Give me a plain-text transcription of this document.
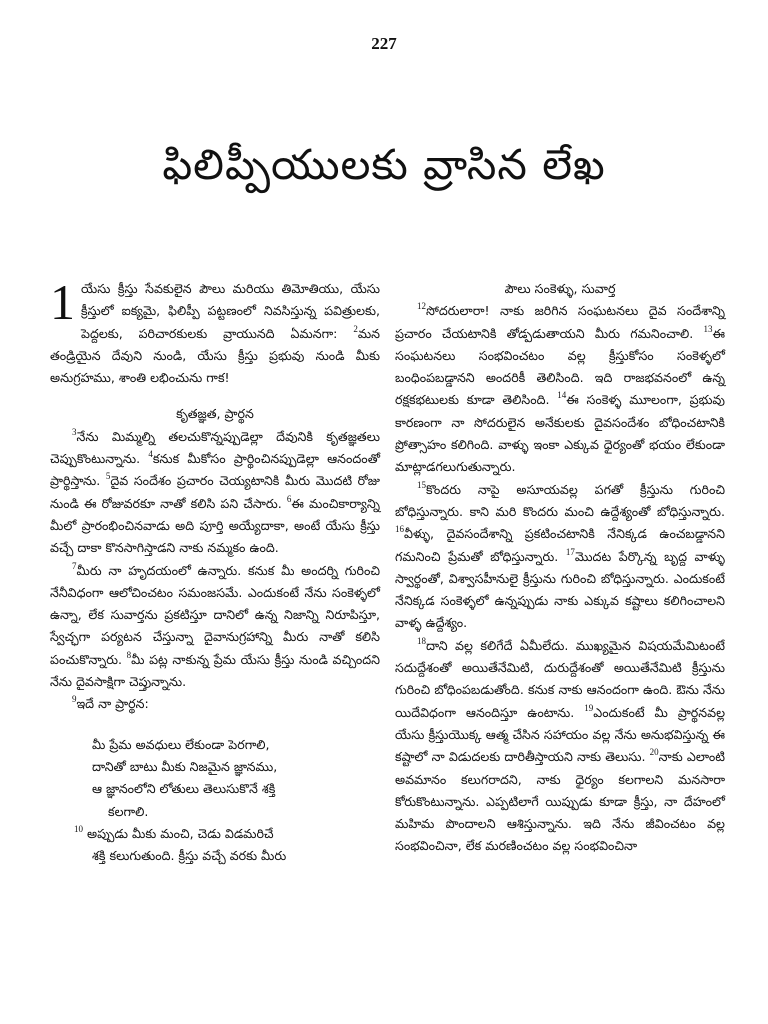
227
ఫిలిప్పీయులకు వ్రాసిన లేఖ

1 యేసు క్రీస్తు సేవకులైన పౌలు మరియు తిమోతియు, యేసు క్రీస్తులో ఐక్యమై, ఫిలిప్పీ పట్టణంలో నివసిస్తున్న పవిత్రులకు, పెద్దలకు, పరిచారకులకు వ్రాయునది ఏమనగా: $^2$మన తండ్రియైన దేవుని నుండి, యేసు క్రీస్తు ప్రభువు నుండి మీకు అనుగ్రహము, శాంతి లభించును గాక!

కృతజ్ఞత, ప్రార్థన

$^3$నేను మిమ్మల్ని తలచుకొన్నప్పుడెల్లా దేవునికి కృతజ్ఞతలు చెప్పుకొంటున్నాను. $^4$కనుక మీకోసం ప్రార్థించినప్పుడెల్లా ఆనందంతో ప్రార్థిస్తాను. $^5$దైవ సందేశం ప్రచారం చెయ్యటానికి మీరు మొదటి రోజు నుండి ఈ రోజువరకూ నాతో కలిసి పని చేసారు. $^6$ఈ మంచికార్యాన్ని మీలో ప్రారంభించినవాడు అది పూర్తి అయ్యేదాకా, అంటే యేసు క్రీస్తు వచ్చే దాకా కొనసాగిస్తాడని నాకు నమ్మకం ఉంది.

$^7$మీరు నా హృదయంలో ఉన్నారు. కనుక మీ అందర్ని గురించి నేనీవిధంగా ఆలోచించటం సమంజసమే. ఎందుకంటే నేను సంకెళ్ళలో ఉన్నా, లేక సువార్తను ప్రకటిస్తూ దానిలో ఉన్న నిజాన్ని నిరూపిస్తూ, స్వేచ్ఛగా పర్యటన చేస్తున్నా దైవానుగ్రహాన్ని మీరు నాతో కలిసి పంచుకొన్నారు. $^8$మీ పట్ల నాకున్న ప్రేమ యేసు క్రీస్తు నుండి వచ్చిందని నేను దైవసాక్షిగా చెప్తున్నాను.

$^9$ఇదే నా ప్రార్థన:

మీ ప్రేమ అవధులు లేకుండా పెరగాలి,

దానితో బాటు మీకు నిజమైన జ్ఞానము,

ఆ జ్ఞానంలోని లోతులు తెలుసుకొనే శక్తి

కలగాలి.

$^{10}$ అప్పుడు మీకు మంచి, చెడు విడమరిచే

శక్తి కలుగుతుంది. క్రీస్తు వచ్చే వరకు మీరు

పౌలు సంకెళ్ళు, సువార్త

$^{12}$సోదరులారా! నాకు జరిగిన సంఘటనలు దైవ సందేశాన్ని ప్రచారం చేయటానికి తోడ్పడుతాయని మీరు గమనించాలి. $^{13}$ఈ సంఘటనలు సంభవించటం వల్ల క్రీస్తుకోసం సంకెళ్ళలో బంధింపబడ్డానని అందరికీ తెలిసింది. ఇది రాజభవనంలో ఉన్న రక్షకభటులకు కూడా తెలిసింది. $^{14}$ఈ సంకెళ్ళ మూలంగా, ప్రభువు కారణంగా నా సోదరులైన అనేకులకు దైవసందేశం బోధించటానికి ప్రోత్సాహం కలిగింది. వాళ్ళు ఇంకా ఎక్కువ ధైర్యంతో భయం లేకుండా మాట్లాడగలుగుతున్నారు.

$^{15}$కొందరు నాపై అసూయవల్ల పగతో క్రీస్తును గురించి బోధిస్తున్నారు. కాని మరి కొందరు మంచి ఉద్దేశ్యంతో బోధిస్తున్నారు. $^{16}$వీళ్ళు, దైవసందేశాన్ని ప్రకటించటానికి నేనిక్కడ ఉంచబడ్డానని గమనించి ప్రేమతో బోధిస్తున్నారు. $^{17}$మొదట పేర్కొన్న బృద్ద వాళ్ళు స్వార్థంతో, విశ్వాసహీనులై క్రీస్తును గురించి బోధిస్తున్నారు. ఎందుకంటే నేనిక్కడ సంకెళ్ళలో ఉన్నప్పుడు నాకు ఎక్కువ కష్టాలు కలిగించాలని వాళ్ళ ఉద్దేశ్యం.

$^{18}$దాని వల్ల కలిగేదే ఏమీలేదు. ముఖ్యమైన విషయమేమిటంటే సదుద్దేశంతో అయితేనేమిటి, దురుద్దేశంతో అయితేనేమిటి క్రీస్తును గురించి బోధింపబడుతోంది. కనుక నాకు ఆనందంగా ఉంది. ఔను నేను యిదేవిధంగా ఆనందిస్తూ ఉంటాను. $^{19}$ఎందుకంటే మీ ప్రార్థనవల్ల యేసు క్రీస్తుయొక్క ఆత్మ చేసిన సహాయం వల్ల నేను అనుభవిస్తున్న ఈ కష్టాలో నా విడుదలకు దారితీస్తాయని నాకు తెలుసు. $^{20}$నాకు ఎలాంటి అవమానం కలుగరాదని, నాకు ధైర్యం కలగాలని మనసారా కోరుకొంటున్నాను. ఎప్పటిలాగే యిప్పుడు కూడా క్రీస్తు, నా దేహంలో మహిమ పొందాలని ఆశిస్తున్నాను. ఇది నేను జీవించటం వల్ల సంభవించినా, లేక మరణించటం వల్ల సంభవించినా
